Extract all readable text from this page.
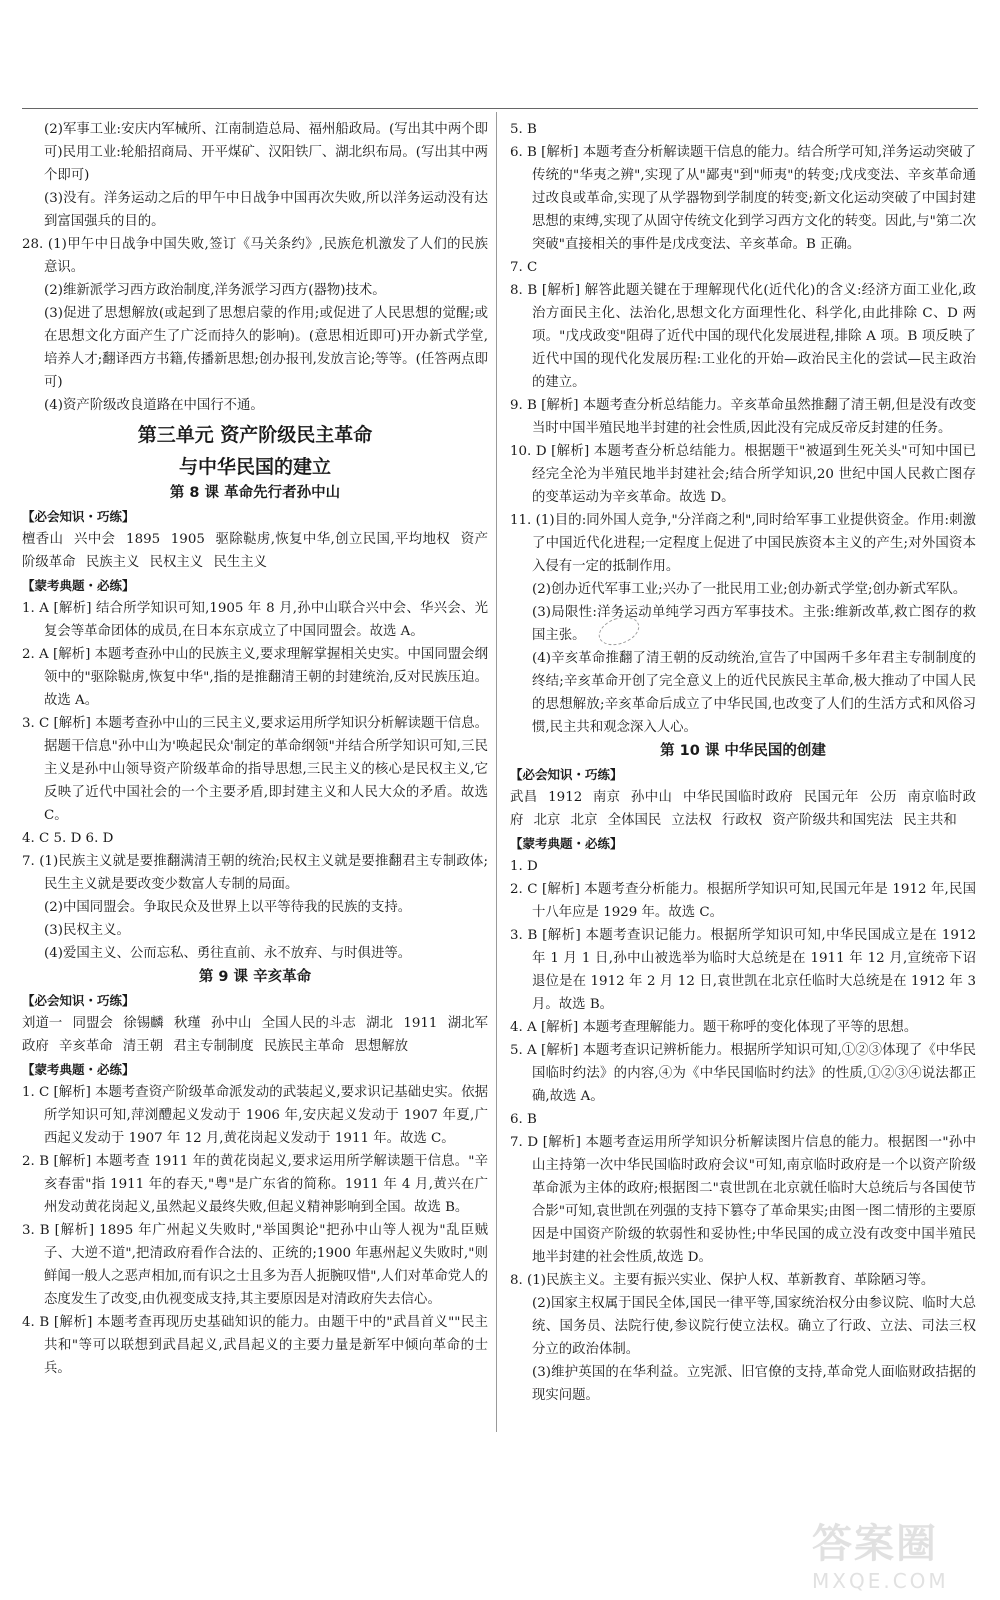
(2)军事工业:安庆内军械所、江南制造总局、福州船政局。(写出其中两个即可)民用工业:轮船招商局、开平煤矿、汉阳铁厂、湖北织布局。(写出其中两个即可)

(3)没有。洋务运动之后的甲午中日战争中国再次失败,所以洋务运动没有达到富国强兵的目的。

28. (1)甲午中日战争中国失败,签订《马关条约》,民族危机激发了人们的民族意识。

(2)维新派学习西方政治制度,洋务派学习西方(器物)技术。

(3)促进了思想解放(或起到了思想启蒙的作用;或促进了人民思想的觉醒;或在思想文化方面产生了广泛而持久的影响)。(意思相近即可)开办新式学堂,培养人才;翻译西方书籍,传播新思想;创办报刊,发放言论;等等。(任答两点即可)

(4)资产阶级改良道路在中国行不通。

第三单元 资产阶级民主革命
与中华民国的建立
第 8 课 革命先行者孙中山

【必会知识・巧练】

檀香山 兴中会 1895 1905 驱除鞑虏,恢复中华,创立民国,平均地权 资产阶级革命 民族主义 民权主义 民生主义

【蒙考典题・必练】

1. A [解析] 结合所学知识可知,1905 年 8 月,孙中山联合兴中会、华兴会、光复会等革命团体的成员,在日本东京成立了中国同盟会。故选 A。

2. A [解析] 本题考查孙中山的民族主义,要求理解掌握相关史实。中国同盟会纲领中的"驱除鞑虏,恢复中华",指的是推翻清王朝的封建统治,反对民族压迫。故选 A。

3. C [解析] 本题考查孙中山的三民主义,要求运用所学知识分析解读题干信息。据题干信息"孙中山为'唤起民众'制定的革命纲领"并结合所学知识可知,三民主义是孙中山领导资产阶级革命的指导思想,三民主义的核心是民权主义,它反映了近代中国社会的一个主要矛盾,即封建主义和人民大众的矛盾。故选 C。

4. C 5. D 6. D

7. (1)民族主义就是要推翻满清王朝的统治;民权主义就是要推翻君主专制政体;民生主义就是要改变少数富人专制的局面。

(2)中国同盟会。争取民众及世界上以平等待我的民族的支持。

(3)民权主义。

(4)爱国主义、公而忘私、勇往直前、永不放弃、与时俱进等。

第 9 课 辛亥革命

【必会知识・巧练】

刘道一 同盟会 徐锡麟 秋瑾 孙中山 全国人民的斗志 湖北 1911 湖北军政府 辛亥革命 清王朝 君主专制制度 民族民主革命 思想解放

【蒙考典题・必练】

1. C [解析] 本题考查资产阶级革命派发动的武装起义,要求识记基础史实。依据所学知识可知,萍浏醴起义发动于 1906 年,安庆起义发动于 1907 年夏,广西起义发动于 1907 年 12 月,黄花岗起义发动于 1911 年。故选 C。

2. B [解析] 本题考查 1911 年的黄花岗起义,要求运用所学解读题干信息。"辛亥春雷"指 1911 年的春天,"粤"是广东省的简称。1911 年 4 月,黄兴在广州发动黄花岗起义,虽然起义最终失败,但起义精神影响到全国。故选 B。

3. B [解析] 1895 年广州起义失败时,"举国舆论"把孙中山等人视为"乱臣贼子、大逆不道",把清政府看作合法的、正统的;1900 年惠州起义失败时,"则鲜闻一般人之恶声相加,而有识之士且多为吾人扼腕叹惜",人们对革命党人的态度发生了改变,由仇视变成支持,其主要原因是对清政府失去信心。

4. B [解析] 本题考查再现历史基础知识的能力。由题干中的"武昌首义""民主共和"等可以联想到武昌起义,武昌起义的主要力量是新军中倾向革命的士兵。

5. B

6. B [解析] 本题考查分析解读题干信息的能力。结合所学可知,洋务运动突破了传统的"华夷之辨",实现了从"鄙夷"到"师夷"的转变;戊戌变法、辛亥革命通过改良或革命,实现了从学器物到学制度的转变;新文化运动突破了中国封建思想的束缚,实现了从固守传统文化到学习西方文化的转变。因此,与"第二次突破"直接相关的事件是戊戌变法、辛亥革命。B 正确。

7. C

8. B [解析] 解答此题关键在于理解现代化(近代化)的含义:经济方面工业化,政治方面民主化、法治化,思想文化方面理性化、科学化,由此排除 C、D 两项。"戊戌政变"阻碍了近代中国的现代化发展进程,排除 A 项。B 项反映了近代中国的现代化发展历程:工业化的开始—政治民主化的尝试—民主政治的建立。

9. B [解析] 本题考查分析总结能力。辛亥革命虽然推翻了清王朝,但是没有改变当时中国半殖民地半封建的社会性质,因此没有完成反帝反封建的任务。

10. D [解析] 本题考查分析总结能力。根据题干"被逼到生死关头"可知中国已经完全沦为半殖民地半封建社会;结合所学知识,20 世纪中国人民救亡图存的变革运动为辛亥革命。故选 D。

11. (1)目的:同外国人竞争,"分洋商之利",同时给军事工业提供资金。作用:刺激了中国近代化进程;一定程度上促进了中国民族资本主义的产生;对外国资本入侵有一定的抵制作用。

(2)创办近代军事工业;兴办了一批民用工业;创办新式学堂;创办新式军队。

(3)局限性:洋务运动单纯学习西方军事技术。主张:维新改革,救亡图存的救国主张。

(4)辛亥革命推翻了清王朝的反动统治,宣告了中国两千多年君主专制制度的终结;辛亥革命开创了完全意义上的近代民族民主革命,极大推动了中国人民的思想解放;辛亥革命后成立了中华民国,也改变了人们的生活方式和风俗习惯,民主共和观念深入人心。

第 10 课 中华民国的创建

【必会知识・巧练】

武昌 1912 南京 孙中山 中华民国临时政府 民国元年 公历 南京临时政府 北京 北京 全体国民 立法权 行政权 资产阶级共和国宪法 民主共和

【蒙考典题・必练】

1. D

2. C [解析] 本题考查分析能力。根据所学知识可知,民国元年是 1912 年,民国十八年应是 1929 年。故选 C。

3. B [解析] 本题考查识记能力。根据所学知识可知,中华民国成立是在 1912 年 1 月 1 日,孙中山被选举为临时大总统是在 1911 年 12 月,宣统帝下诏退位是在 1912 年 2 月 12 日,袁世凯在北京任临时大总统是在 1912 年 3 月。故选 B。

4. A [解析] 本题考查理解能力。题干称呼的变化体现了平等的思想。

5. A [解析] 本题考查识记辨析能力。根据所学知识可知,①②③体现了《中华民国临时约法》的内容,④为《中华民国临时约法》的性质,①②③④说法都正确,故选 A。

6. B

7. D [解析] 本题考查运用所学知识分析解读图片信息的能力。根据图一"孙中山主持第一次中华民国临时政府会议"可知,南京临时政府是一个以资产阶级革命派为主体的政府;根据图二"袁世凯在北京就任临时大总统后与各国使节合影"可知,袁世凯在列强的支持下篡夺了革命果实;由图一图二情形的主要原因是中国资产阶级的软弱性和妥协性;中华民国的成立没有改变中国半殖民地半封建的社会性质,故选 D。

8. (1)民族主义。主要有振兴实业、保护人权、革新教育、革除陋习等。

(2)国家主权属于国民全体,国民一律平等,国家统治权分由参议院、临时大总统、国务员、法院行使,参议院行使立法权。确立了行政、立法、司法三权分立的政治体制。

(3)维护英国的在华利益。立宪派、旧官僚的支持,革命党人面临财政拮据的现实问题。

答案圈
MXQE.COM
